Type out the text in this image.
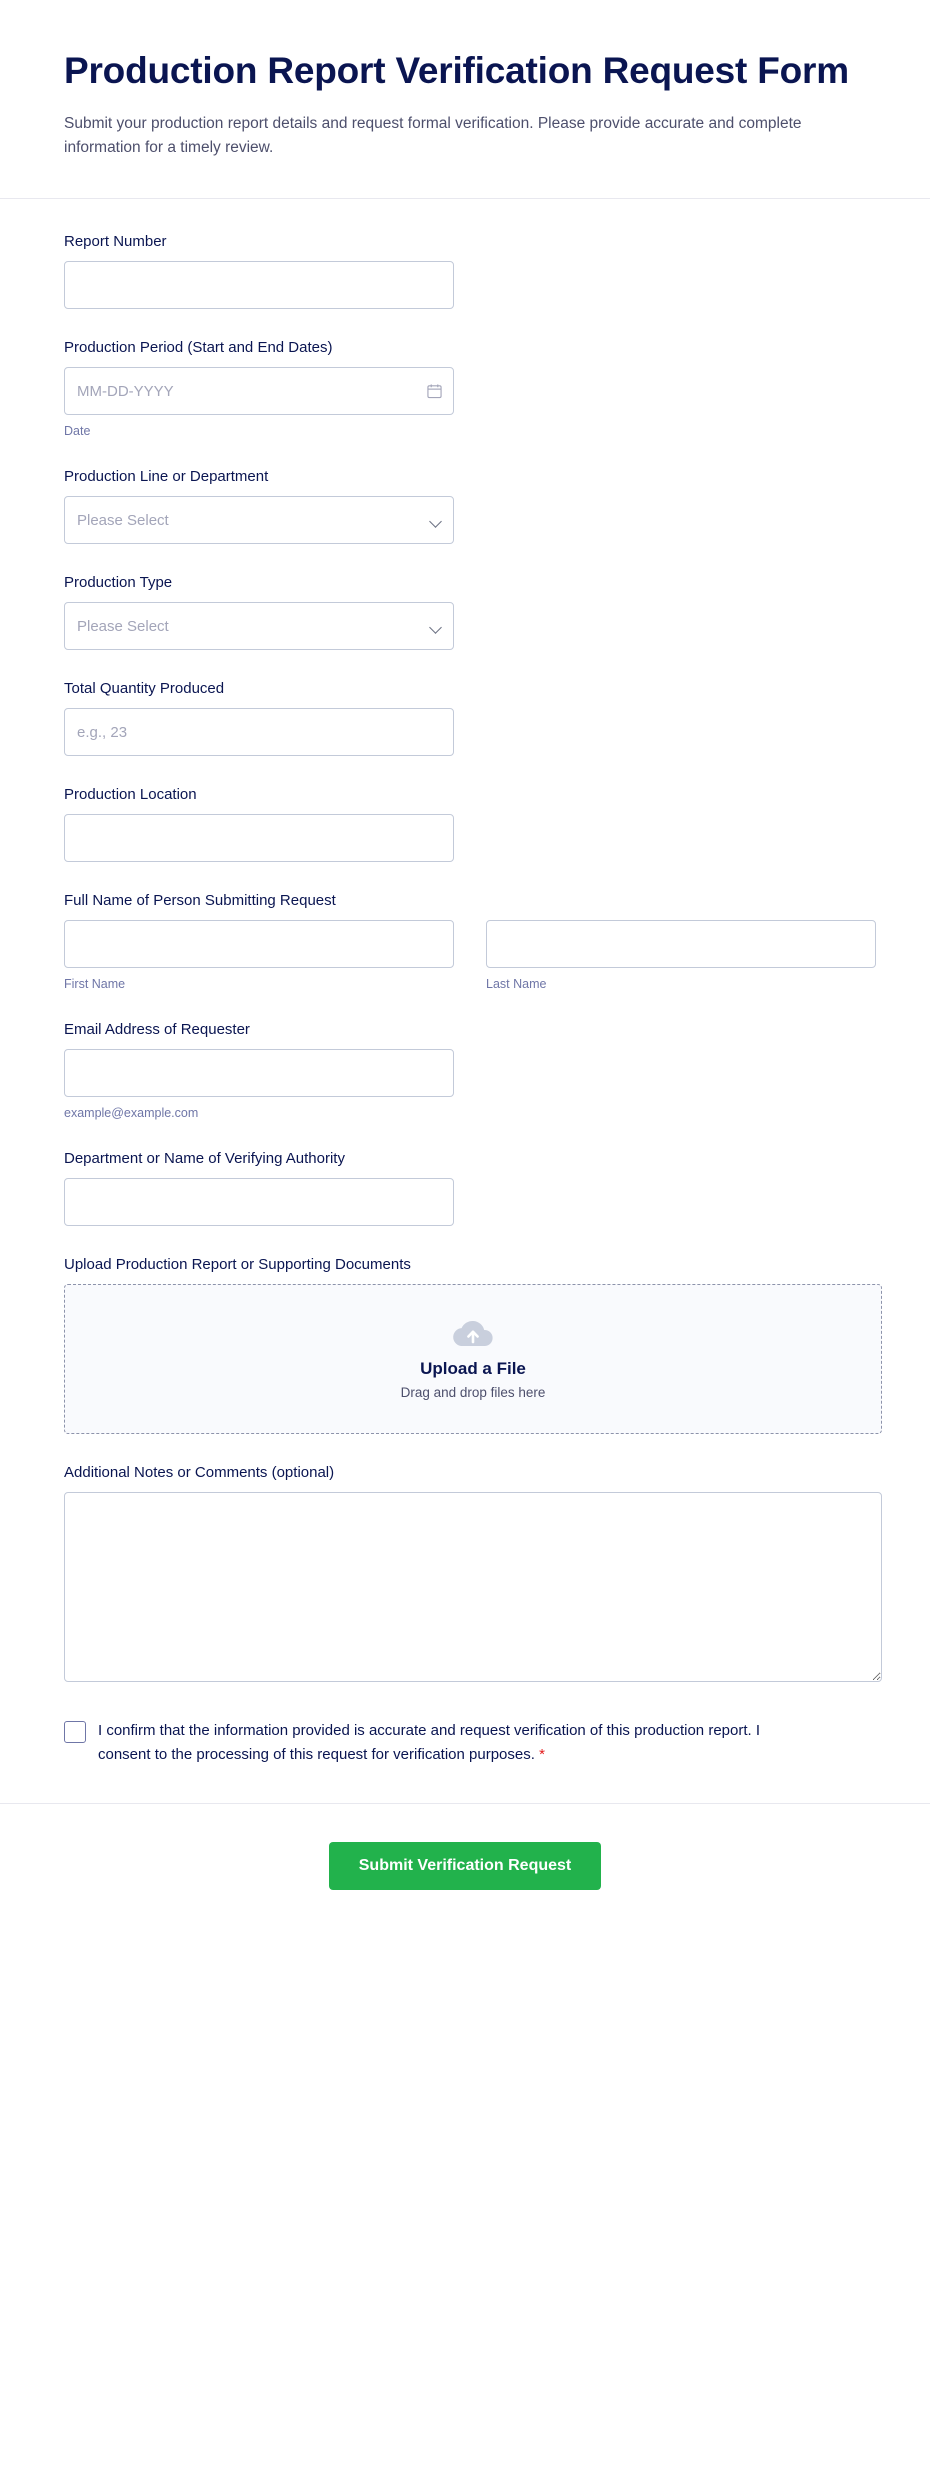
Production Report Verification Request Form

Submit your production report details and request formal verification. Please provide accurate and complete information for a timely review.

Report Number
Production Period (Start and End Dates)
MM-DD-YYYY
Date
Production Line or Department
Please Select
Production Type
Please Select
Total Quantity Produced
e.g., 23
Production Location
Full Name of Person Submitting Request
First Name	Last Name
Email Address of Requester
example@example.com
Department or Name of Verifying Authority
Upload Production Report or Supporting Documents
Upload a File
Drag and drop files here
Additional Notes or Comments (optional)
I confirm that the information provided is accurate and request verification of this production report. I consent to the processing of this request for verification purposes. *
Submit Verification Request
